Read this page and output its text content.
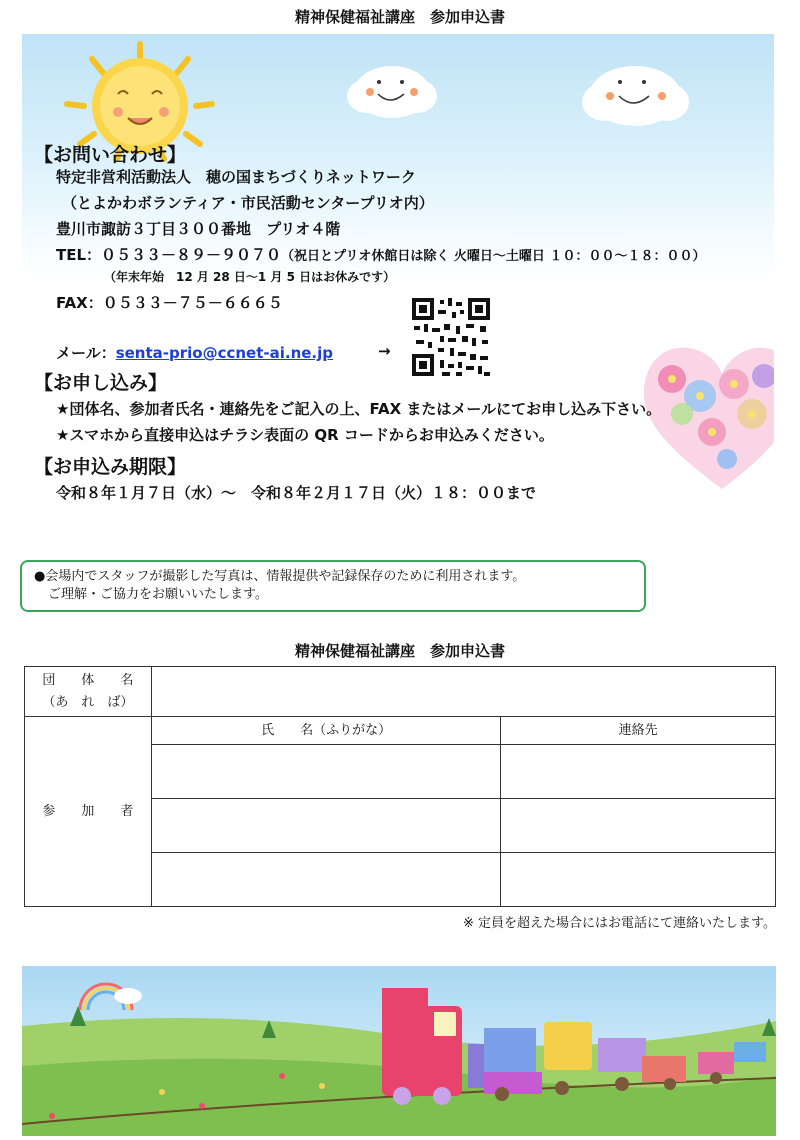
精神保健福祉講座　参加申込書
【お問い合わせ】
特定非営利活動法人　穂の国まちづくりネットワーク
（とよかわボランティア・市民活動センタープリオ内）
豊川市諏訪３丁目３００番地　プリオ４階
TEL：０５３３－８９－９０７０（祝日とプリオ休館日は除く 火曜日～土曜日 １０：００～１８：００）
（年末年始　12 月 28 日～1 月 5 日はお休みです）
FAX：０５３３－７５－６６６５
メール：senta-prio@ccnet-ai.ne.jp	→
【お申し込み】
★団体名、参加者氏名・連絡先をご記入の上、FAX またはメールにてお申し込み下さい。
★スマホから直接申込はチラシ表面の QR コードからお申込みください。
【お申込み期限】
令和８年１月７日（水）～　令和８年２月１７日（火）１８：００まで
●会場内でスタッフが撮影した写真は、情報提供や記録保存のために利用されます。
ご理解・ご協力をお願いいたします。
精神保健福祉講座　参加申込書
団　　体　　名
（あ　れ　ば）		

参　　加　　者	氏　　名（ふりがな）	連絡先

※ 定員を超えた場合にはお電話にて連絡いたします。
